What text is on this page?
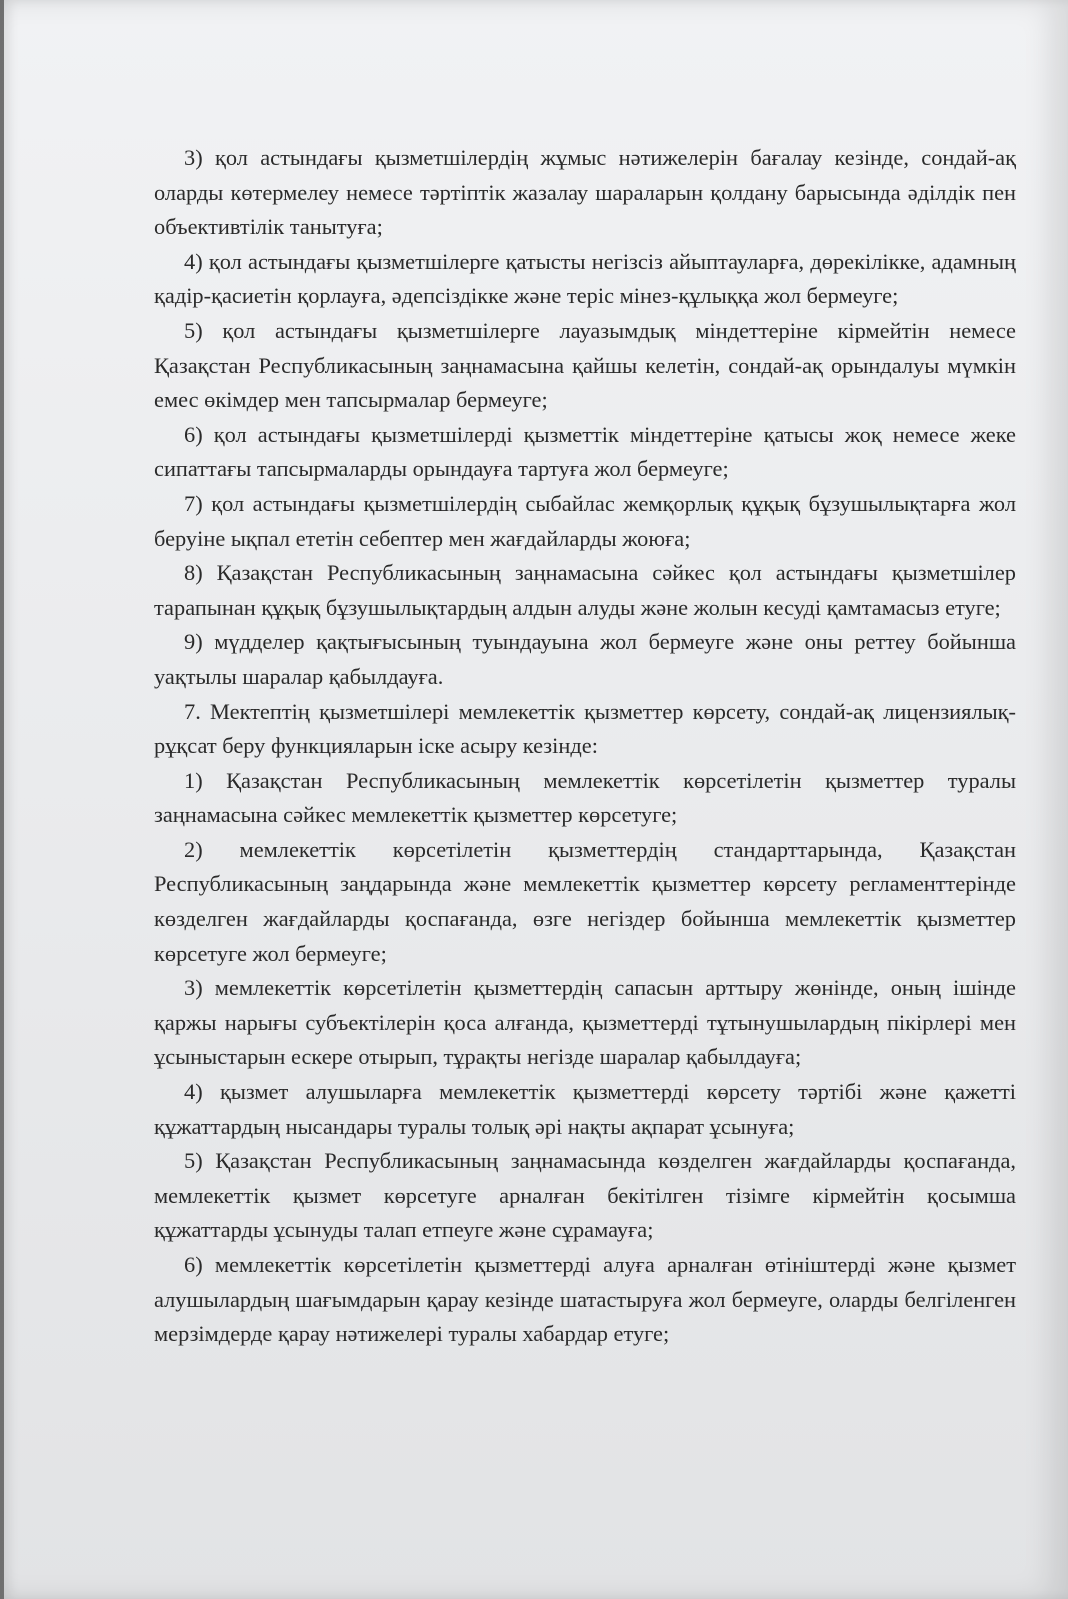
3) қол астындағы қызметшілердің жұмыс нәтижелерін бағалау кезінде, сондай-ақ оларды көтермелеу немесе тәртіптік жазалау шараларын қолдану барысында әділдік пен объективтілік танытуға;

4) қол астындағы қызметшілерге қатысты негізсіз айыптауларға, дөрекілікке, адамның қадір-қасиетін қорлауға, әдепсіздікке және теріс мінез-құлыққа жол бермеуге;

5) қол астындағы қызметшілерге лауазымдық міндеттеріне кірмейтін немесе Қазақстан Республикасының заңнамасына қайшы келетін, сондай-ақ орындалуы мүмкін емес өкімдер мен тапсырмалар бермеуге;

6) қол астындағы қызметшілерді қызметтік міндеттеріне қатысы жоқ немесе жеке сипаттағы тапсырмаларды орындауға тартуға жол бермеуге;

7) қол астындағы қызметшілердің сыбайлас жемқорлық құқық бұзушылықтарға жол беруіне ықпал ететін себептер мен жағдайларды жоюға;

8) Қазақстан Республикасының заңнамасына сәйкес қол астындағы қызметшілер тарапынан құқық бұзушылықтардың алдын алуды және жолын кесуді қамтамасыз етуге;

9) мүдделер қақтығысының туындауына жол бермеуге және оны реттеу бойынша уақтылы шаралар қабылдауға.

7. Мектептің қызметшілері мемлекеттік қызметтер көрсету, сондай-ақ лицензиялық-рұқсат беру функцияларын іске асыру кезінде:

1) Қазақстан Республикасының мемлекеттік көрсетілетін қызметтер туралы заңнамасына сәйкес мемлекеттік қызметтер көрсетуге;

2) мемлекеттік көрсетілетін қызметтердің стандарттарында, Қазақстан Республикасының заңдарында және мемлекеттік қызметтер көрсету регламенттерінде көзделген жағдайларды қоспағанда, өзге негіздер бойынша мемлекеттік қызметтер көрсетуге жол бермеуге;

3) мемлекеттік көрсетілетін қызметтердің сапасын арттыру жөнінде, оның ішінде қаржы нарығы субъектілерін қоса алғанда, қызметтерді тұтынушылардың пікірлері мен ұсыныстарын ескере отырып, тұрақты негізде шаралар қабылдауға;

4) қызмет алушыларға мемлекеттік қызметтерді көрсету тәртібі және қажетті құжаттардың нысандары туралы толық әрі нақты ақпарат ұсынуға;

5) Қазақстан Республикасының заңнамасында көзделген жағдайларды қоспағанда, мемлекеттік қызмет көрсетуге арналған бекітілген тізімге кірмейтін қосымша құжаттарды ұсынуды талап етпеуге және сұрамауға;

6) мемлекеттік көрсетілетін қызметтерді алуға арналған өтініштерді және қызмет алушылардың шағымдарын қарау кезінде шатастыруға жол бермеуге, оларды белгіленген мерзімдерде қарау нәтижелері туралы хабардар етуге;
